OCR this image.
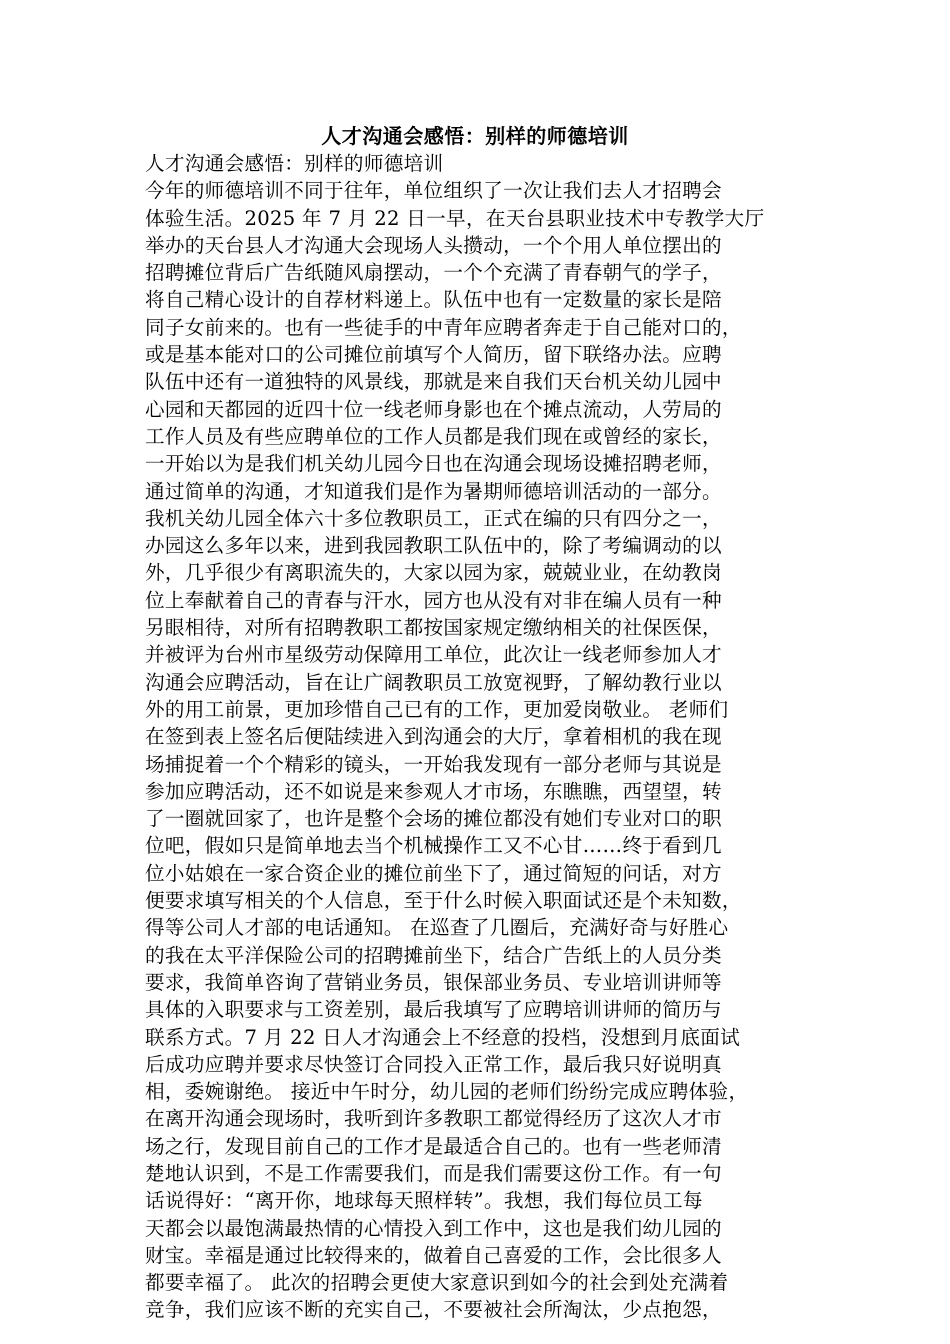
人才沟通会感悟：别样的师德培训
人才沟通会感悟：别样的师德培训
今年的师德培训不同于往年，单位组织了一次让我们去人才招聘会
体验生活。2025 年 7 月 22 日一早，在天台县职业技术中专教学大厅
举办的天台县人才沟通大会现场人头攒动，一个个用人单位摆出的
招聘摊位背后广告纸随风扇摆动，一个个充满了青春朝气的学子，
将自己精心设计的自荐材料递上。队伍中也有一定数量的家长是陪
同子女前来的。也有一些徒手的中青年应聘者奔走于自己能对口的，
或是基本能对口的公司摊位前填写个人简历，留下联络办法。应聘
队伍中还有一道独特的风景线，那就是来自我们天台机关幼儿园中
心园和天都园的近四十位一线老师身影也在个摊点流动，人劳局的
工作人员及有些应聘单位的工作人员都是我们现在或曾经的家长，
一开始以为是我们机关幼儿园今日也在沟通会现场设摊招聘老师，
通过简单的沟通，才知道我们是作为暑期师德培训活动的一部分。
我机关幼儿园全体六十多位教职员工，正式在编的只有四分之一，
办园这么多年以来，进到我园教职工队伍中的，除了考编调动的以
外，几乎很少有离职流失的，大家以园为家，兢兢业业，在幼教岗
位上奉献着自己的青春与汗水，园方也从没有对非在编人员有一种
另眼相待，对所有招聘教职工都按国家规定缴纳相关的社保医保，
并被评为台州市星级劳动保障用工单位，此次让一线老师参加人才
沟通会应聘活动，旨在让广阔教职员工放宽视野，了解幼教行业以
外的用工前景，更加珍惜自己已有的工作，更加爱岗敬业。 老师们
在签到表上签名后便陆续进入到沟通会的大厅，拿着相机的我在现
场捕捉着一个个精彩的镜头，一开始我发现有一部分老师与其说是
参加应聘活动，还不如说是来参观人才市场，东瞧瞧，西望望，转
了一圈就回家了，也许是整个会场的摊位都没有她们专业对口的职
位吧，假如只是简单地去当个机械操作工又不心甘……终于看到几
位小姑娘在一家合资企业的摊位前坐下了，通过简短的问话，对方
便要求填写相关的个人信息，至于什么时候入职面试还是个未知数，
得等公司人才部的电话通知。 在巡查了几圈后，充满好奇与好胜心
的我在太平洋保险公司的招聘摊前坐下，结合广告纸上的人员分类
要求，我简单咨询了营销业务员，银保部业务员、专业培训讲师等
具体的入职要求与工资差别，最后我填写了应聘培训讲师的简历与
联系方式。7 月 22 日人才沟通会上不经意的投档，没想到月底面试
后成功应聘并要求尽快签订合同投入正常工作，最后我只好说明真
相，委婉谢绝。 接近中午时分，幼儿园的老师们纷纷完成应聘体验，
在离开沟通会现场时，我听到许多教职工都觉得经历了这次人才市
场之行，发现目前自己的工作才是最适合自己的。也有一些老师清
楚地认识到，不是工作需要我们，而是我们需要这份工作。有一句
话说得好：“离开你，地球每天照样转”。我想，我们每位员工每
天都会以最饱满最热情的心情投入到工作中，这也是我们幼儿园的
财宝。幸福是通过比较得来的，做着自己喜爱的工作，会比很多人
都要幸福了。 此次的招聘会更使大家意识到如今的社会到处充满着
竞争，我们应该不断的充实自己，不要被社会所淘汰，少点抱怨，
